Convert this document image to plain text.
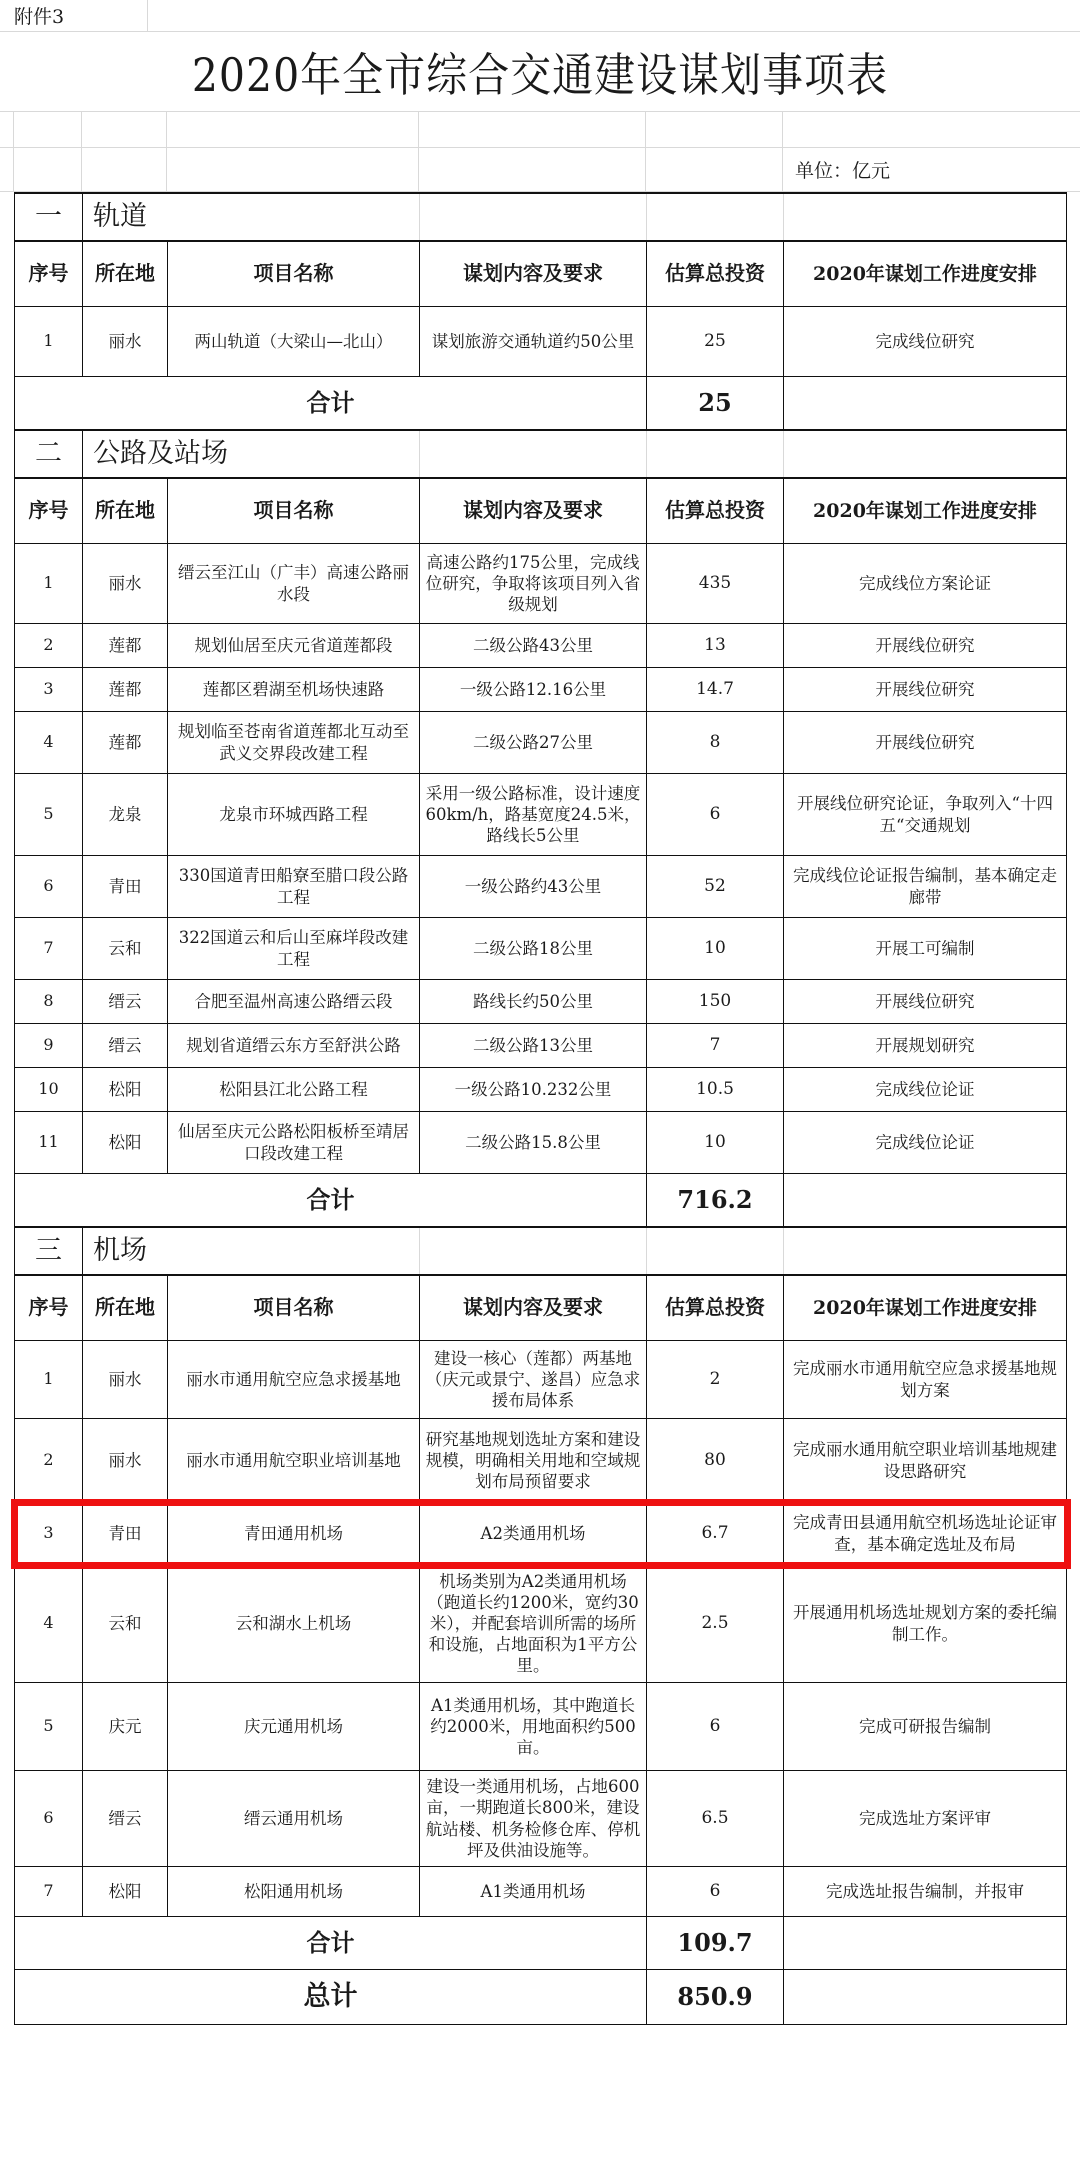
附件3
2020年全市综合交通建设谋划事项表
单位：亿元
一	轨道				
序号	所在地	项目名称	谋划内容及要求	估算总投资	2020年谋划工作进度安排
1	丽水	两山轨道（大梁山—北山）	谋划旅游交通轨道约50公里	25	完成线位研究
合计				25	
二	公路及站场				
序号	所在地	项目名称	谋划内容及要求	估算总投资	2020年谋划工作进度安排
1	丽水	缙云至江山（广丰）高速公路丽水段	高速公路约175公里，完成线位研究，争取将该项目列入省级规划	435	完成线位方案论证
2	莲都	规划仙居至庆元省道莲都段	二级公路43公里	13	开展线位研究
3	莲都	莲都区碧湖至机场快速路	一级公路12.16公里	14.7	开展线位研究
4	莲都	规划临至苍南省道莲都北互动至武义交界段改建工程	二级公路27公里	8	开展线位研究
5	龙泉	龙泉市环城西路工程	采用一级公路标准，设计速度60km/h，路基宽度24.5米，路线长5公里	6	开展线位研究论证，争取列入“十四五“交通规划
6	青田	330国道青田船寮至腊口段公路工程	一级公路约43公里	52	完成线位论证报告编制，基本确定走廊带
7	云和	322国道云和后山至麻垟段改建工程	二级公路18公里	10	开展工可编制
8	缙云	合肥至温州高速公路缙云段	路线长约50公里	150	开展线位研究
9	缙云	规划省道缙云东方至舒洪公路	二级公路13公里	7	开展规划研究
10	松阳	松阳县江北公路工程	一级公路10.232公里	10.5	完成线位论证
11	松阳	仙居至庆元公路松阳板桥至靖居口段改建工程	二级公路15.8公里	10	完成线位论证
合计				716.2	
三	机场				
序号	所在地	项目名称	谋划内容及要求	估算总投资	2020年谋划工作进度安排
1	丽水	丽水市通用航空应急求援基地	建设一核心（莲都）两基地（庆元或景宁、遂昌）应急求援布局体系	2	完成丽水市通用航空应急求援基地规划方案
2	丽水	丽水市通用航空职业培训基地	研究基地规划选址方案和建设规模，明确相关用地和空域规划布局预留要求	80	完成丽水通用航空职业培训基地规建设思路研究
3	青田	青田通用机场	A2类通用机场	6.7	完成青田县通用航空机场选址论证审查，基本确定选址及布局
4	云和	云和湖水上机场	机场类别为A2类通用机场（跑道长约1200米，宽约30米），并配套培训所需的场所和设施，占地面积为1平方公里。	2.5	开展通用机场选址规划方案的委托编制工作。
5	庆元	庆元通用机场	A1类通用机场，其中跑道长约2000米，用地面积约500亩。	6	完成可研报告编制
6	缙云	缙云通用机场	建设一类通用机场，占地600亩，一期跑道长800米，建设航站楼、机务检修仓库、停机坪及供油设施等。	6.5	完成选址方案评审
7	松阳	松阳通用机场	A1类通用机场	6	完成选址报告编制，并报审
合计				109.7	
总计				850.9	
